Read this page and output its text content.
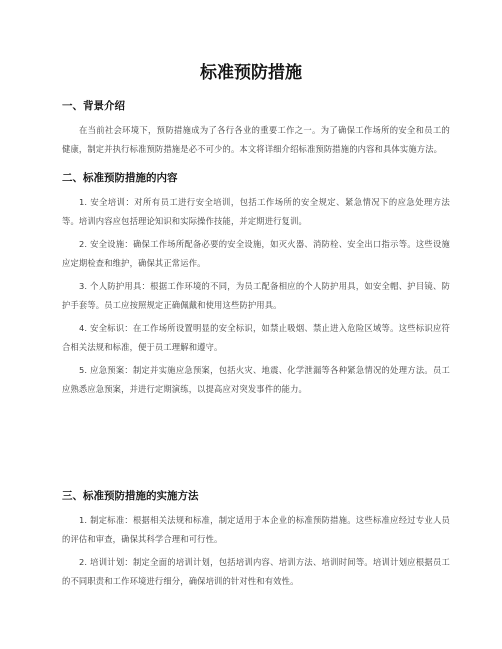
标准预防措施

一、背景介绍

在当前社会环境下，预防措施成为了各行各业的重要工作之一。为了确保工作场所的安全和员工的健康，制定并执行标准预防措施是必不可少的。本文将详细介绍标准预防措施的内容和具体实施方法。

二、标准预防措施的内容

1. 安全培训：对所有员工进行安全培训，包括工作场所的安全规定、紧急情况下的应急处理方法等。培训内容应包括理论知识和实际操作技能，并定期进行复训。

2. 安全设施：确保工作场所配备必要的安全设施，如灭火器、消防栓、安全出口指示等。这些设施应定期检查和维护，确保其正常运作。

3. 个人防护用具：根据工作环境的不同，为员工配备相应的个人防护用具，如安全帽、护目镜、防护手套等。员工应按照规定正确佩戴和使用这些防护用具。

4. 安全标识：在工作场所设置明显的安全标识，如禁止吸烟、禁止进入危险区域等。这些标识应符合相关法规和标准，便于员工理解和遵守。

5. 应急预案：制定并实施应急预案，包括火灾、地震、化学泄漏等各种紧急情况的处理方法。员工应熟悉应急预案，并进行定期演练，以提高应对突发事件的能力。

三、标准预防措施的实施方法

1. 制定标准：根据相关法规和标准，制定适用于本企业的标准预防措施。这些标准应经过专业人员的评估和审查，确保其科学合理和可行性。

2. 培训计划：制定全面的培训计划，包括培训内容、培训方法、培训时间等。培训计划应根据员工的不同职责和工作环境进行细分，确保培训的针对性和有效性。
